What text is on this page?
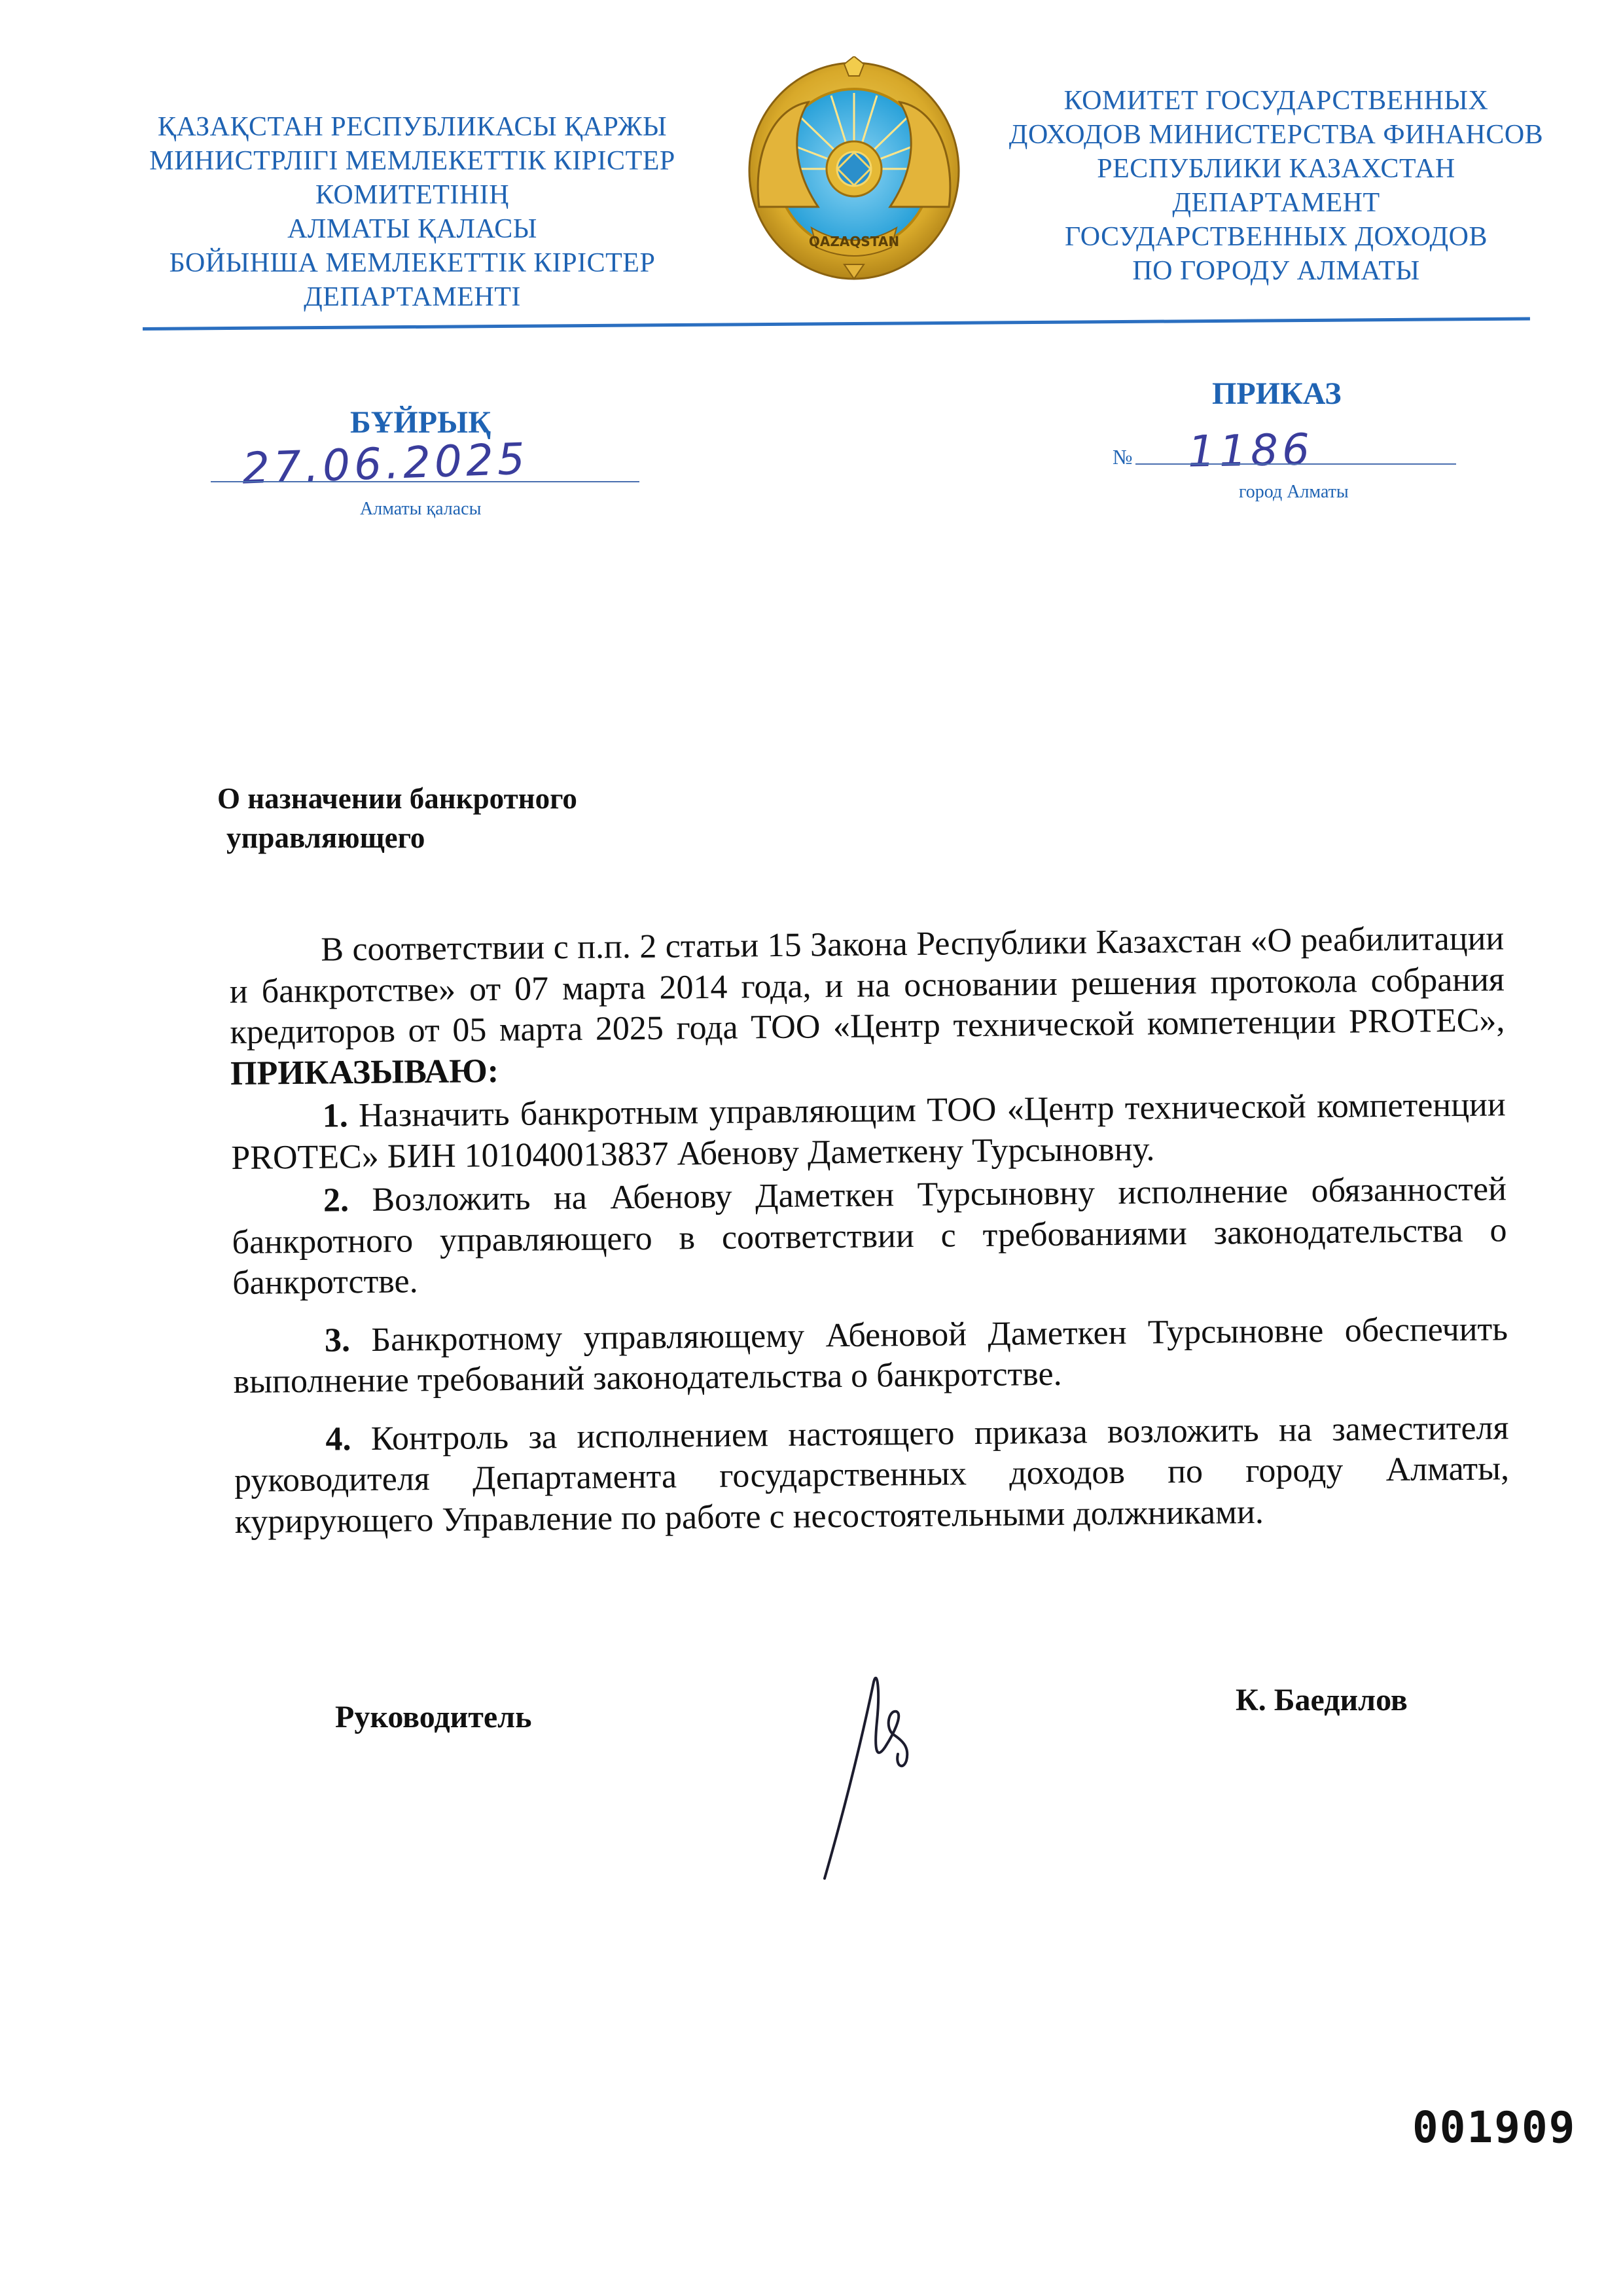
ҚАЗАҚСТАН РЕСПУБЛИКАСЫ ҚАРЖЫ
МИНИСТРЛІГІ МЕМЛЕКЕТТІК КІРІСТЕР
КОМИТЕТІНІҢ
АЛМАТЫ ҚАЛАСЫ
БОЙЫНША МЕМЛЕКЕТТІК КІРІСТЕР
ДЕПАРТАМЕНТІ
QAZAQSTAN
КОМИТЕТ ГОСУДАРСТВЕННЫХ
ДОХОДОВ МИНИСТЕРСТВА ФИНАНСОВ
РЕСПУБЛИКИ КАЗАХСТАН
ДЕПАРТАМЕНТ
ГОСУДАРСТВЕННЫХ ДОХОДОВ
ПО ГОРОДУ АЛМАТЫ
БҰЙРЫҚ
ПРИКАЗ
27.06.2025
Алматы қаласы
№ 1186
город Алматы
О назначении банкротного
управляющего

В соответствии с п.п. 2 статьи 15 Закона Республики Казахстан «О реабилитации и банкротстве» от 07 марта 2014 года, и на основании решения протокола собрания кредиторов от 05 марта 2025 года ТОО «Центр технической компетенции PROTEC», ПРИКАЗЫВАЮ:

1. Назначить банкротным управляющим ТОО «Центр технической компетенции PROTEC» БИН 101040013837 Абенову Даметкену Турсыновну.

2. Возложить на Абенову Даметкен Турсыновну исполнение обязанностей банкротного управляющего в соответствии с требованиями законодательства о банкротстве.

3. Банкротному управляющему Абеновой Даметкен Турсыновне обеспечить выполнение требований законодательства о банкротстве.

4. Контроль за исполнением настоящего приказа возложить на заместителя руководителя Департамента государственных доходов по городу Алматы, курирующего Управление по работе с несостоятельными должниками.

Руководитель	К. Баедилов
001909
